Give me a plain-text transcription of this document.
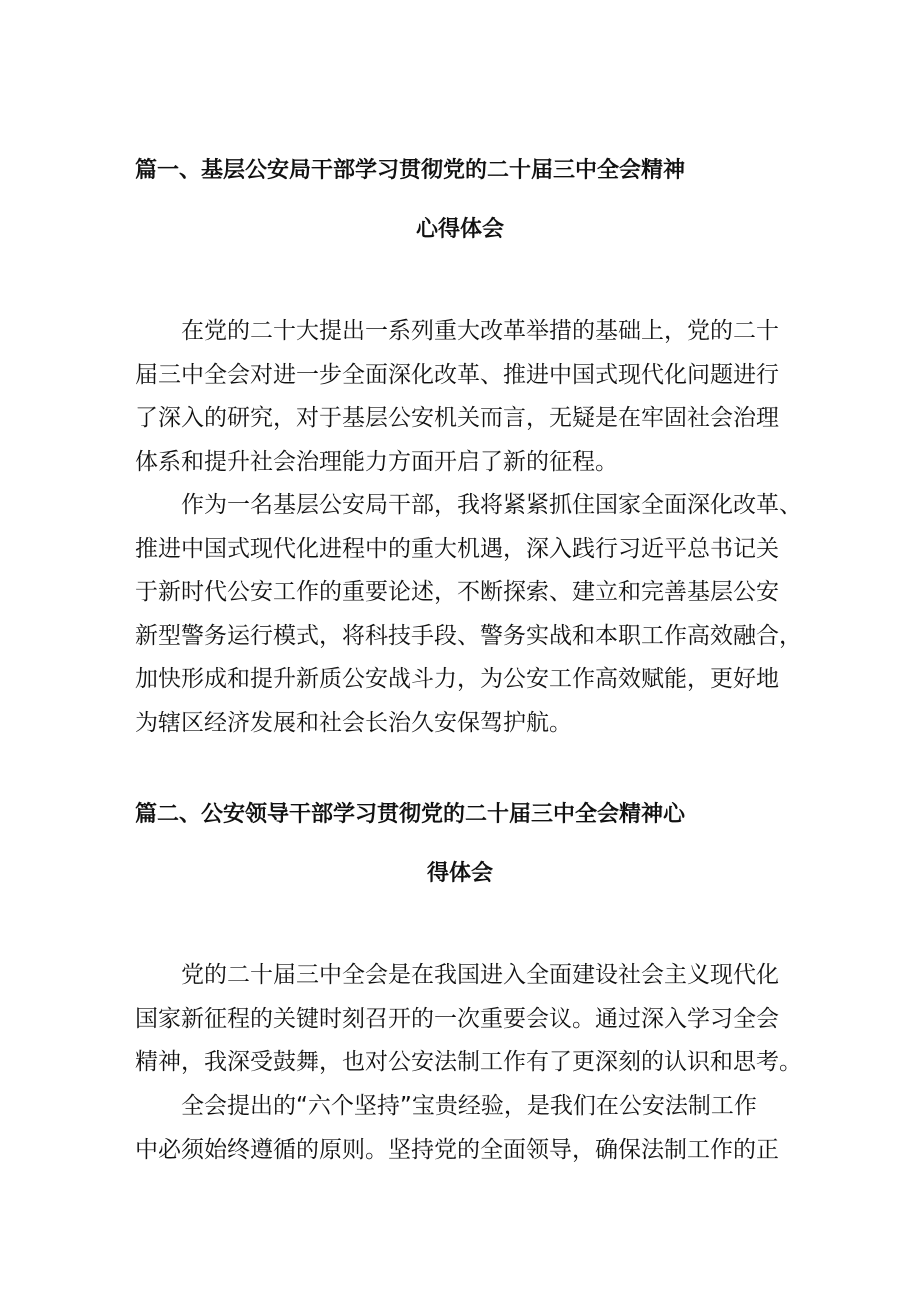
篇一、基层公安局干部学习贯彻党的二十届三中全会精神
心得体会
在党的二十大提出一系列重大改革举措的基础上，党的二十
届三中全会对进一步全面深化改革、推进中国式现代化问题进行
了深入的研究，对于基层公安机关而言，无疑是在牢固社会治理
体系和提升社会治理能力方面开启了新的征程。
作为一名基层公安局干部，我将紧紧抓住国家全面深化改革、
推进中国式现代化进程中的重大机遇，深入践行习近平总书记关
于新时代公安工作的重要论述，不断探索、建立和完善基层公安
新型警务运行模式，将科技手段、警务实战和本职工作高效融合，
加快形成和提升新质公安战斗力，为公安工作高效赋能，更好地
为辖区经济发展和社会长治久安保驾护航。
篇二、公安领导干部学习贯彻党的二十届三中全会精神心
得体会
党的二十届三中全会是在我国进入全面建设社会主义现代化
国家新征程的关键时刻召开的一次重要会议。通过深入学习全会
精神，我深受鼓舞，也对公安法制工作有了更深刻的认识和思考。
全会提出的“六个坚持”宝贵经验，是我们在公安法制工作
中必须始终遵循的原则。坚持党的全面领导，确保法制工作的正
